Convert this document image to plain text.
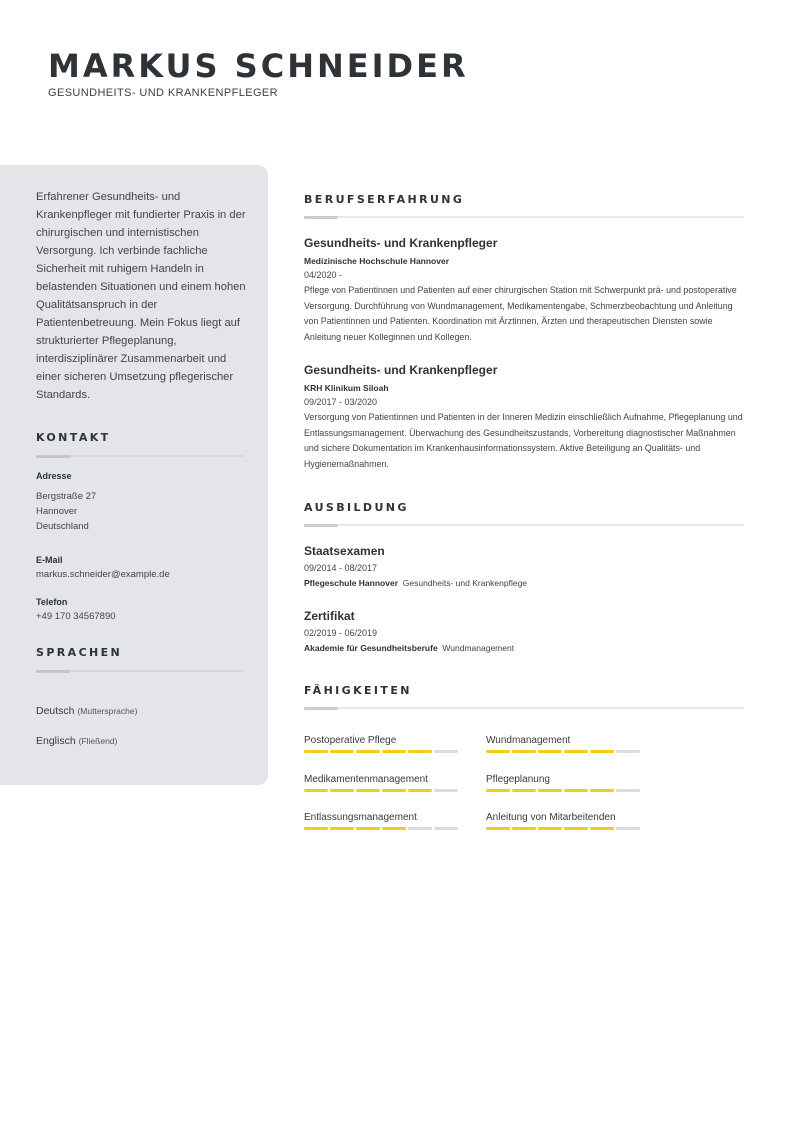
MARKUS SCHNEIDER
GESUNDHEITS- UND KRANKENPFLEGER
Erfahrener Gesundheits- und Krankenpfleger mit fundierter Praxis in der chirurgischen und internistischen Versorgung. Ich verbinde fachliche Sicherheit mit ruhigem Handeln in belastenden Situationen und einem hohen Qualitätsanspruch in der Patientenbetreuung. Mein Fokus liegt auf strukturierter Pflegeplanung, interdisziplinärer Zusammenarbeit und einer sicheren Umsetzung pflegerischer Standards.
KONTAKT
Adresse
Bergstraße 27
Hannover
Deutschland
E-Mail
markus.schneider@example.de
Telefon
+49 170 34567890
SPRACHEN
Deutsch (Muttersprache)
Englisch (Fließend)
BERUFSERFAHRUNG
Gesundheits- und Krankenpfleger
Medizinische Hochschule Hannover
04/2020 -
Pflege von Patientinnen und Patienten auf einer chirurgischen Station mit Schwerpunkt prä- und postoperative Versorgung. Durchführung von Wundmanagement, Medikamentengabe, Schmerzbeobachtung und Anleitung von Patientinnen und Patienten. Koordination mit Ärztinnen, Ärzten und therapeutischen Diensten sowie Anleitung neuer Kolleginnen und Kollegen.
Gesundheits- und Krankenpfleger
KRH Klinikum Siloah
09/2017 - 03/2020
Versorgung von Patientinnen und Patienten in der Inneren Medizin einschließlich Aufnahme, Pflegeplanung und Entlassungsmanagement. Überwachung des Gesundheitszustands, Vorbereitung diagnostischer Maßnahmen und sichere Dokumentation im Krankenhausinformationssystem. Aktive Beteiligung an Qualitäts- und Hygienemaßnahmen.
AUSBILDUNG
Staatsexamen
09/2014 - 08/2017
Pflegeschule Hannover Gesundheits- und Krankenpflege
Zertifikat
02/2019 - 06/2019
Akademie für Gesundheitsberufe Wundmanagement
FÄHIGKEITEN
Postoperative Pflege	Wundmanagement
Medikamentenmanagement	Pflegeplanung
Entlassungsmanagement	Anleitung von Mitarbeitenden
